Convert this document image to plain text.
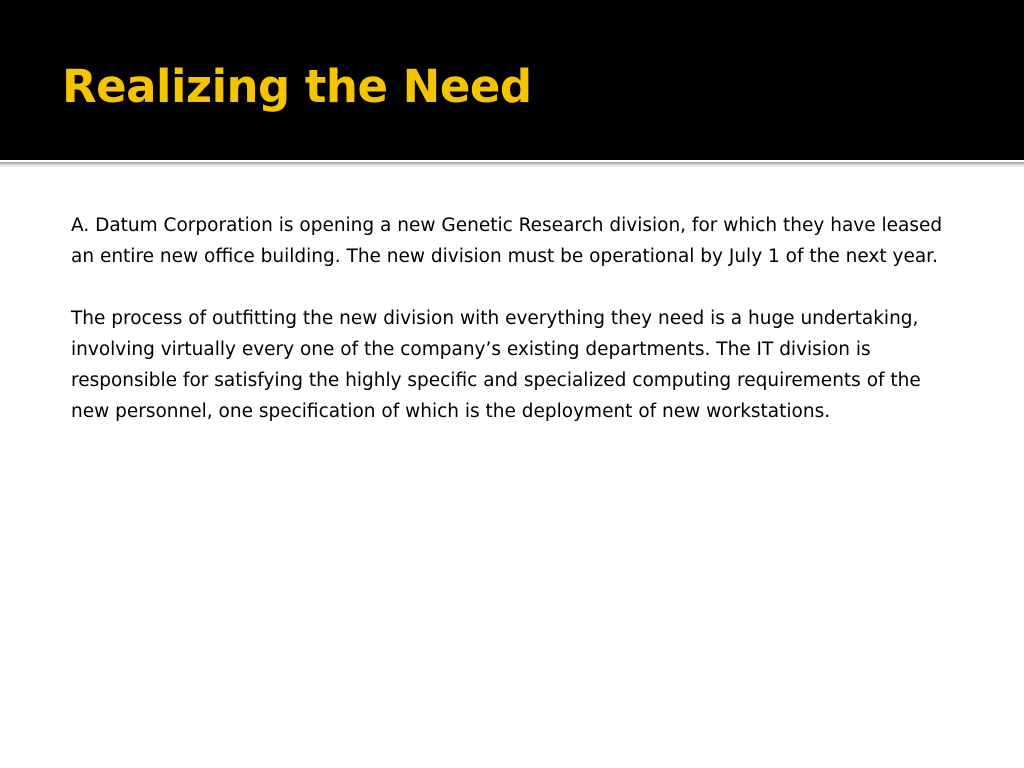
Realizing the Need

A. Datum Corporation is opening a new Genetic Research division, for which they have leased an entire new office building. The new division must be operational by July 1 of the next year.

The process of outfitting the new division with everything they need is a huge undertaking, involving virtually every one of the company’s existing departments. The IT division is responsible for satisfying the highly specific and specialized computing requirements of the new personnel, one specification of which is the deployment of new workstations.
